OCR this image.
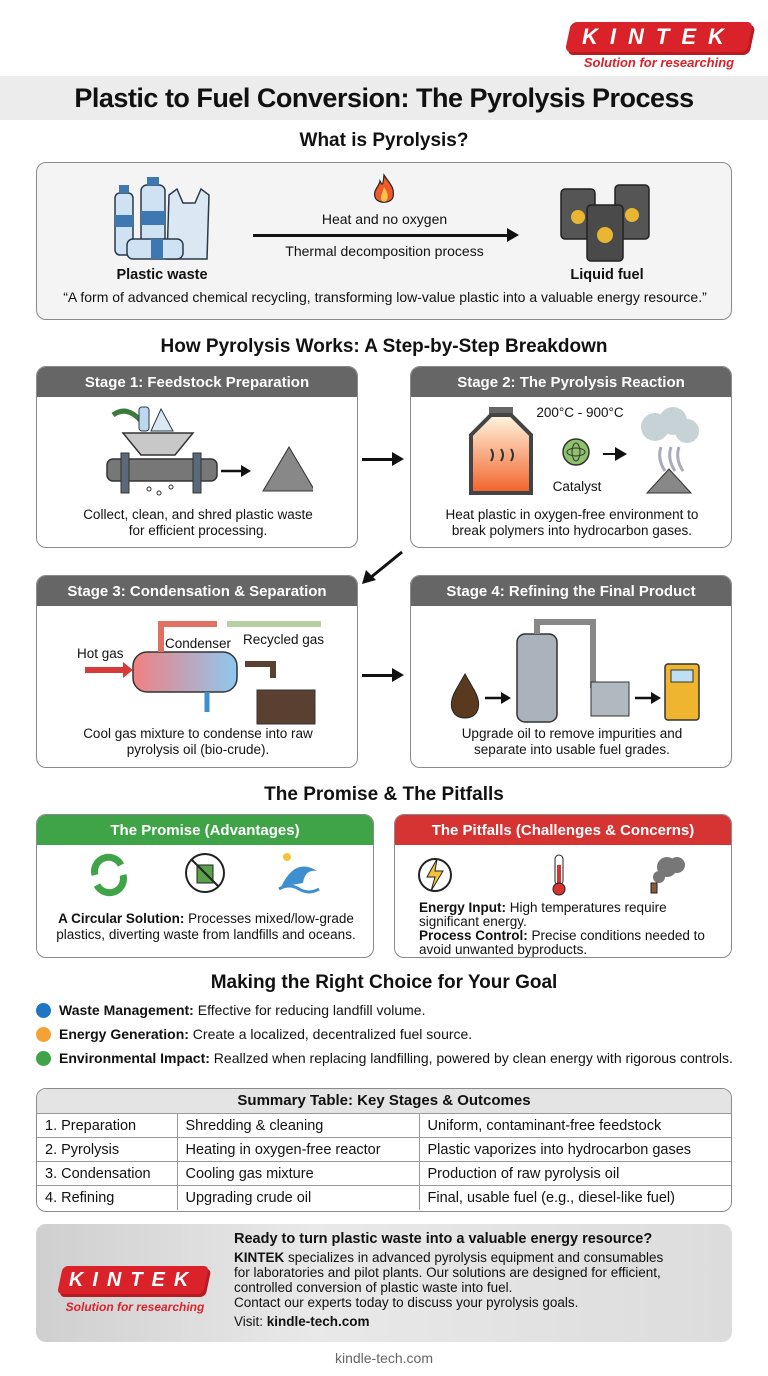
KINTEK
Solution for researching
Plastic to Fuel Conversion: The Pyrolysis Process
What is Pyrolysis?
Plastic waste
Heat and no oxygen
Thermal decomposition process
Liquid fuel
“A form of advanced chemical recycling, transforming low-value plastic into a valuable energy resource.”
How Pyrolysis Works: A Step-by-Step Breakdown
Stage 1: Feedstock Preparation
Collect, clean, and shred plastic waste
for efficient processing.
Stage 2: The Pyrolysis Reaction
200°C - 900°C
Catalyst
Heat plastic in oxygen-free environment to
break polymers into hydrocarbon gases.
Stage 3: Condensation & Separation
Hot gas
Condenser Recycled gas
Cool gas mixture to condense into raw
pyrolysis oil (bio-crude).
Stage 4: Refining the Final Product
Upgrade oil to remove impurities and
separate into usable fuel grades.
The Promise & The Pitfalls
The Promise (Advantages)
A Circular Solution: Processes mixed/low-grade
plastics, diverting waste from landfills and oceans.
The Pitfalls (Challenges & Concerns)
Energy Input: High temperatures require significant energy.
Process Control: Precise conditions needed to avoid unwanted byproducts.
Making the Right Choice for Your Goal
Waste Management: Effective for reducing landfill volume.
Energy Generation: Create a localized, decentralized fuel source.
Environmental Impact: Reallzed when replacing landfilling, powered by clean energy with rigorous controls.
Summary Table: Key Stages & Outcomes
1. Preparation	Shredding & cleaning	Uniform, contaminant-free feedstock
2. Pyrolysis	Heating in oxygen-free reactor	Plastic vaporizes into hydrocarbon gases
3. Condensation	Cooling gas mixture	Production of raw pyrolysis oil
4. Refining	Upgrading crude oil	Final, usable fuel (e.g., diesel-like fuel)
KINTEK
Solution for researching
Ready to turn plastic waste into a valuable energy resource?
KINTEK specializes in advanced pyrolysis equipment and consumables
for laboratories and pilot plants. Our solutions are designed for efficient,
controlled conversion of plastic waste into fuel.
Contact our experts today to discuss your pyrolysis goals.
Visit: kindle-tech.com
kindle-tech.com
